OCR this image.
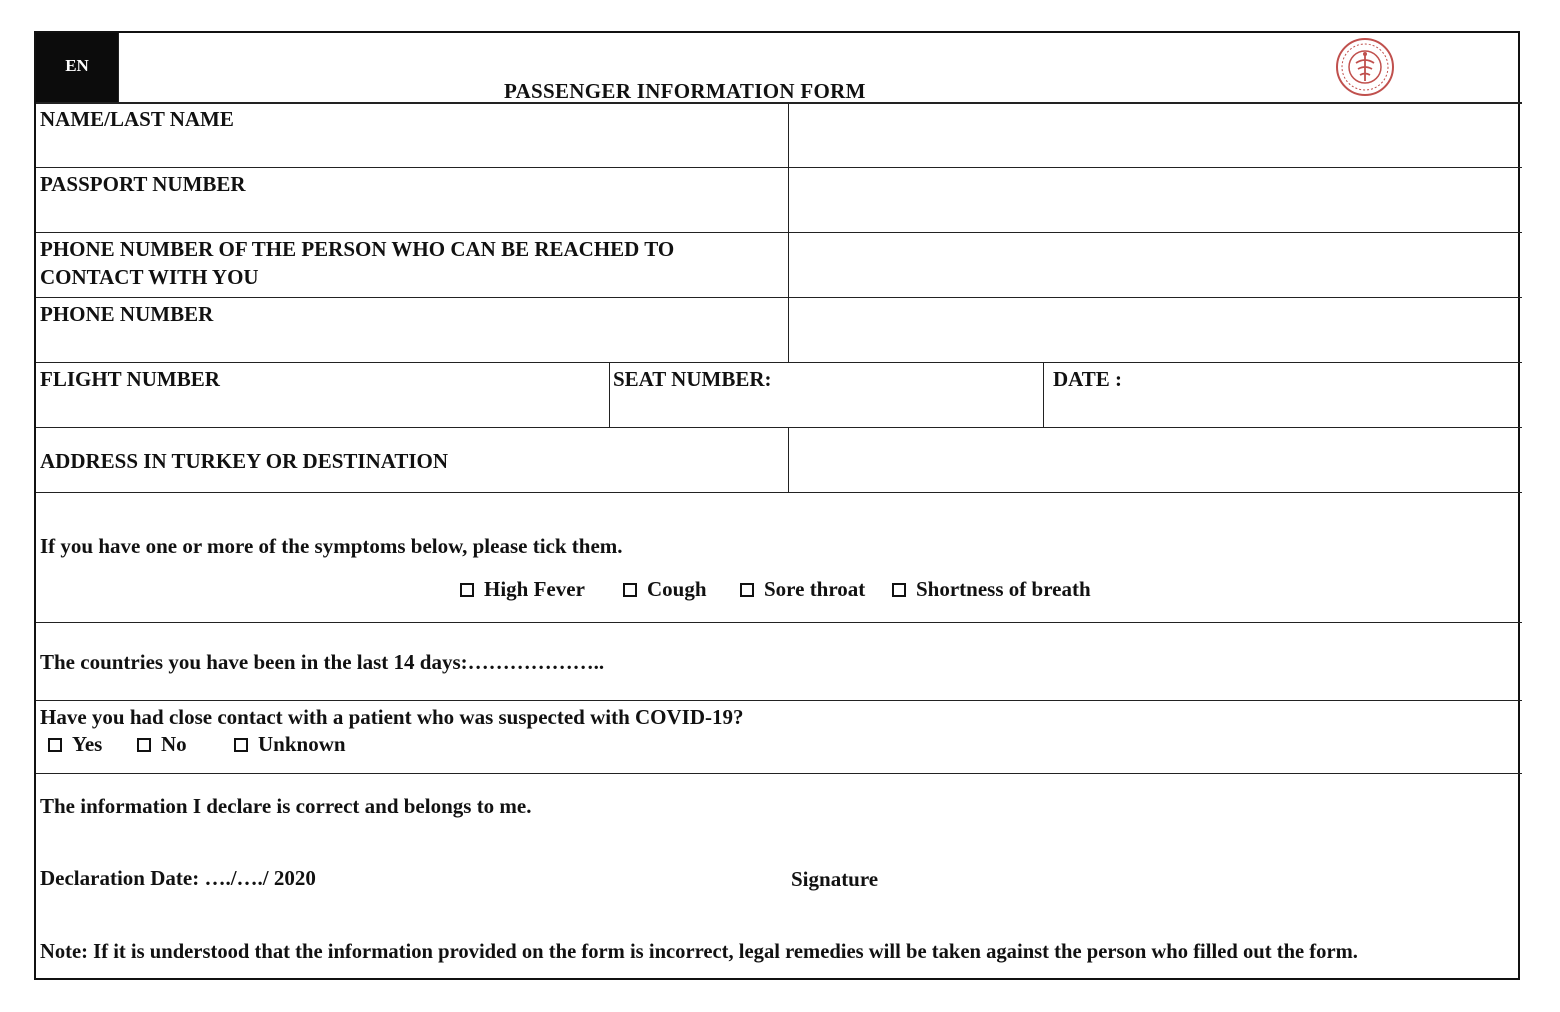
EN
PASSENGER INFORMATION FORM
NAME/LAST NAME
PASSPORT NUMBER
PHONE NUMBER OF THE PERSON WHO CAN BE REACHED TO CONTACT WITH YOU
PHONE NUMBER
FLIGHT NUMBER	SEAT NUMBER:	DATE :
ADDRESS IN TURKEY OR DESTINATION
If you have one or more of the symptoms below, please tick them.
High Fever	Cough	Sore throat	Shortness of breath
The countries you have been in the last 14 days:………………..
Have you had close contact with a patient who was suspected with COVID-19?
Yes	No	Unknown
The information I declare is correct and belongs to me.
Declaration Date: …./…./ 2020	Signature
Note: If it is understood that the information provided on the form is incorrect, legal remedies will be taken against the person who filled out the form.
